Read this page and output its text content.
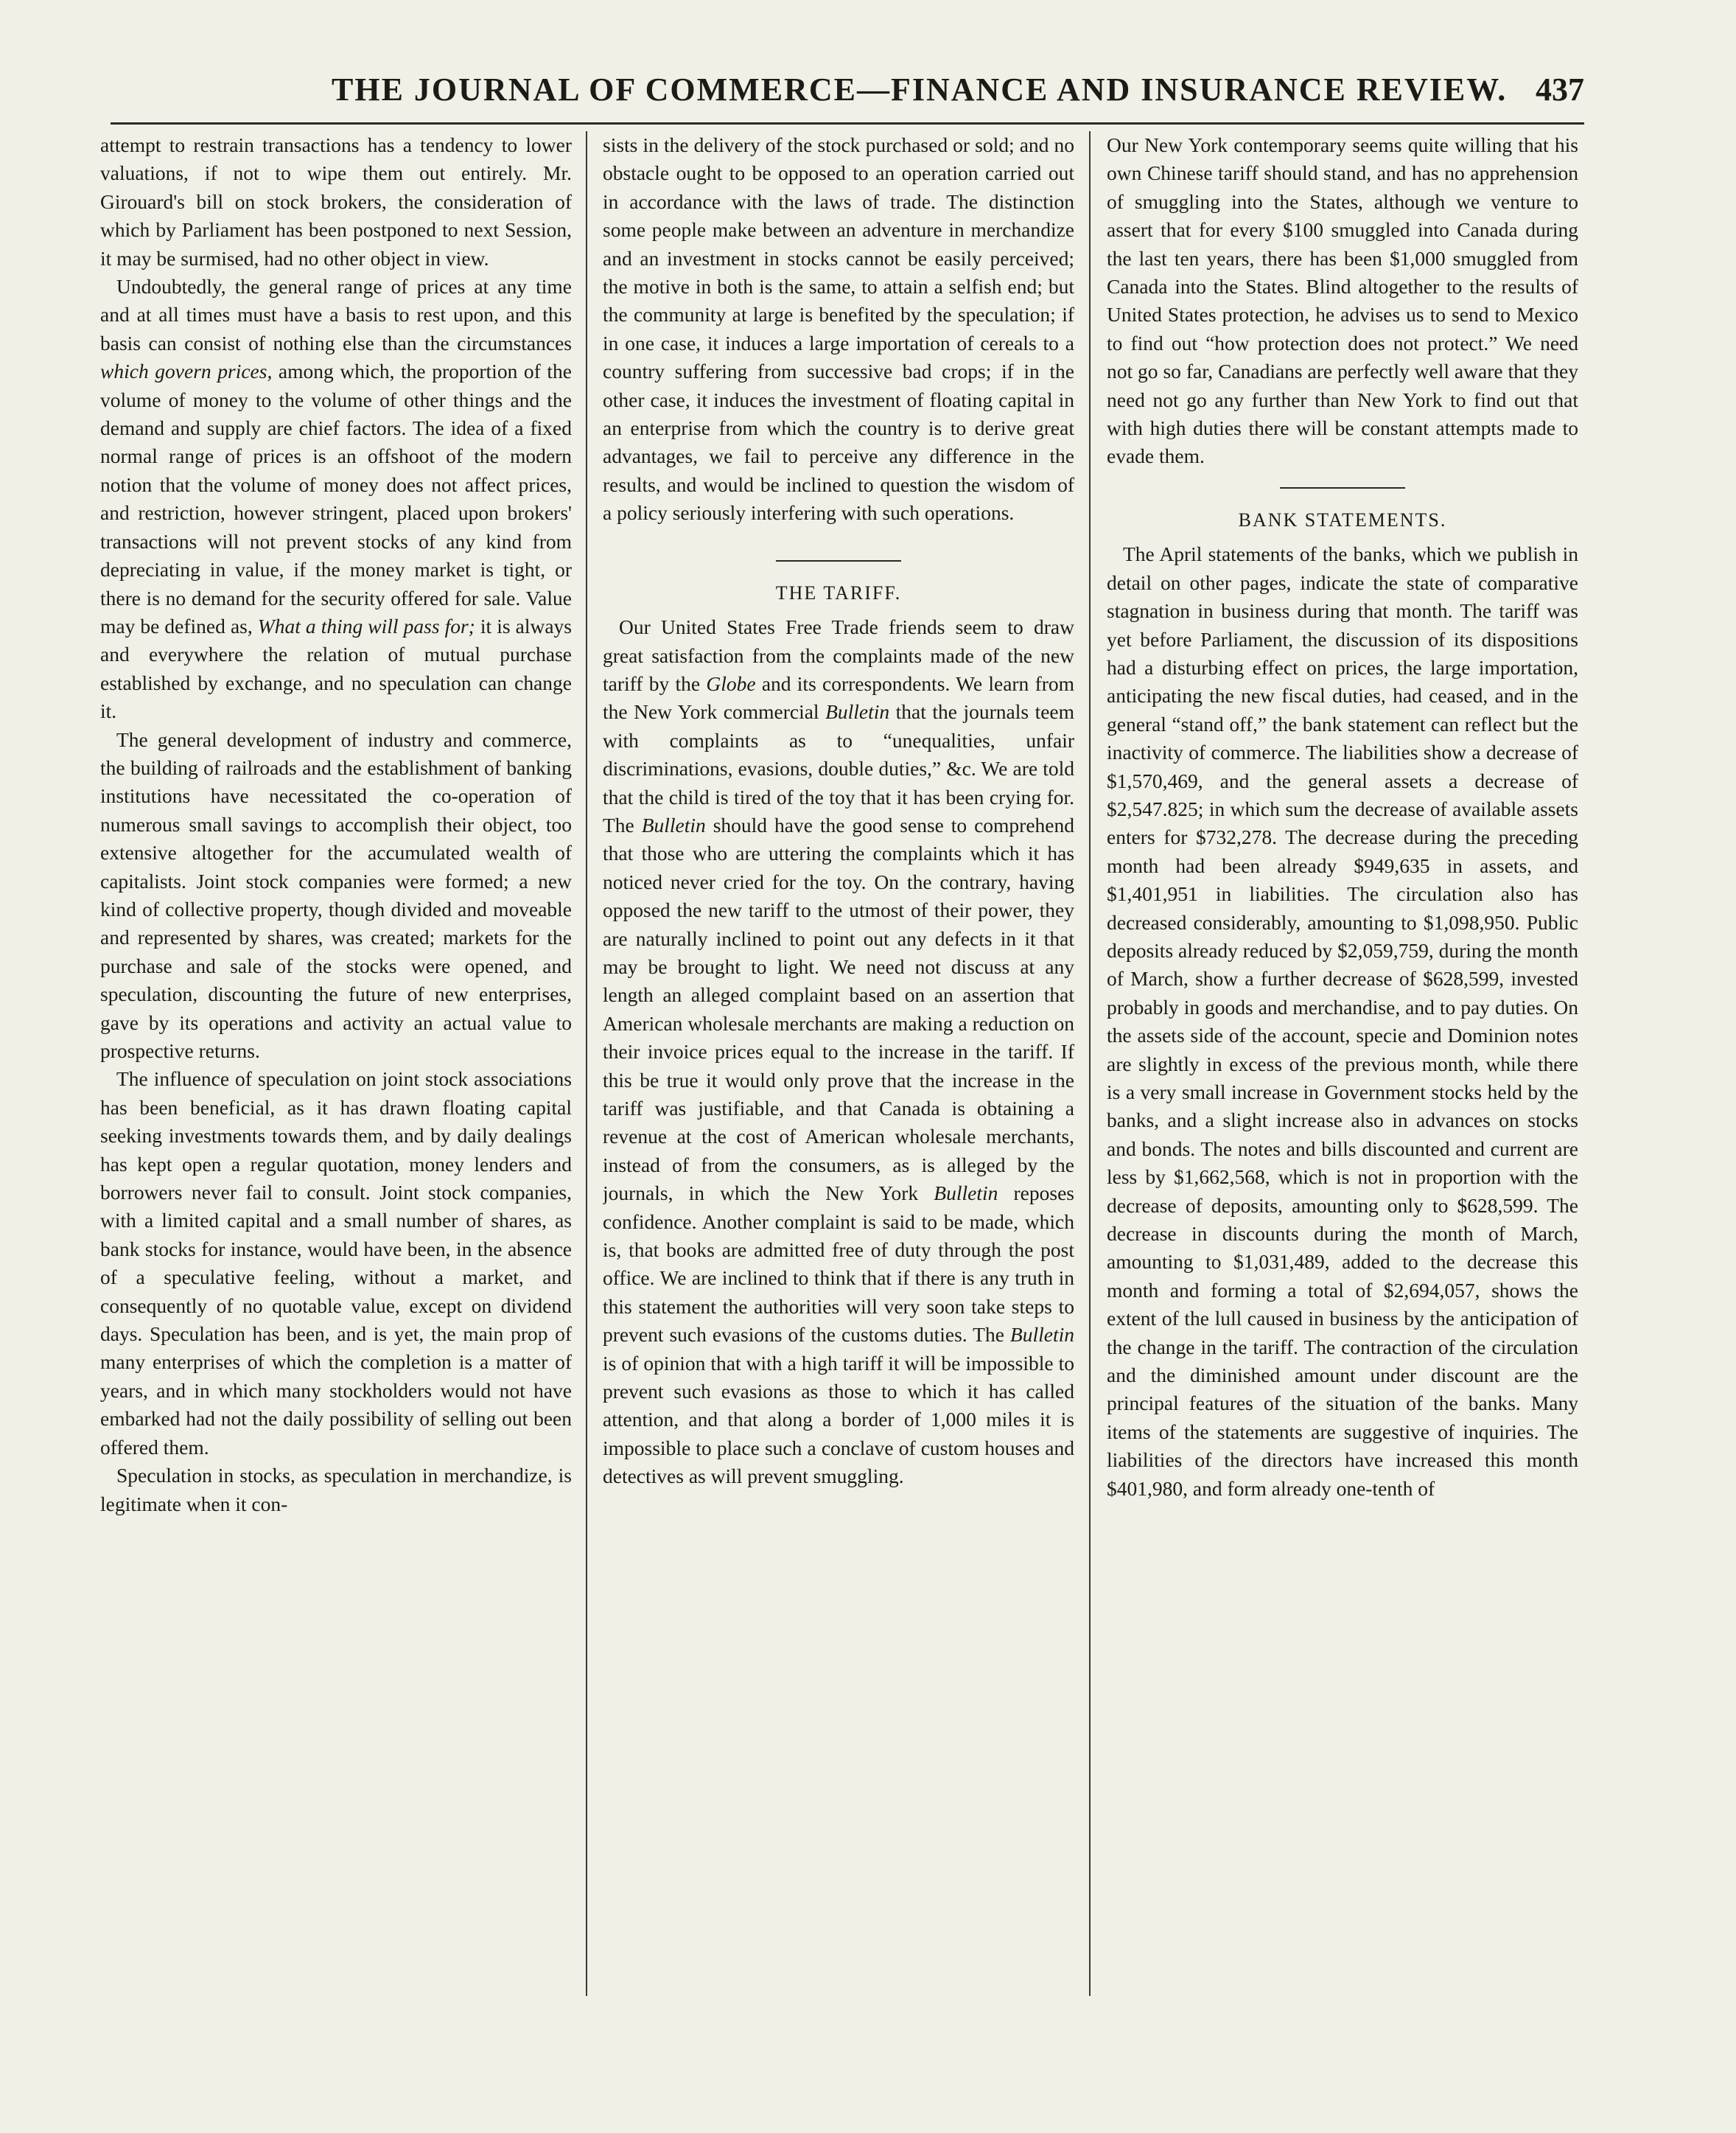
THE JOURNAL OF COMMERCE—FINANCE AND INSURANCE REVIEW. 437

attempt to restrain transactions has a tendency to lower valuations, if not to wipe them out entirely. Mr. Girouard's bill on stock brokers, the consideration of which by Parliament has been postponed to next Session, it may be surmised, had no other object in view.

Undoubtedly, the general range of prices at any time and at all times must have a basis to rest upon, and this basis can consist of nothing else than the circumstances which govern prices, among which, the proportion of the volume of money to the volume of other things and the demand and supply are chief factors. The idea of a fixed normal range of prices is an offshoot of the modern notion that the volume of money does not affect prices, and restriction, however stringent, placed upon brokers' transactions will not prevent stocks of any kind from depreciating in value, if the money market is tight, or there is no demand for the security offered for sale. Value may be defined as, What a thing will pass for; it is always and everywhere the relation of mutual purchase established by exchange, and no speculation can change it.

The general development of industry and commerce, the building of railroads and the establishment of banking institutions have necessitated the co-operation of numerous small savings to accomplish their object, too extensive altogether for the accumulated wealth of capitalists. Joint stock companies were formed; a new kind of collective property, though divided and moveable and represented by shares, was created; markets for the purchase and sale of the stocks were opened, and speculation, discounting the future of new enterprises, gave by its operations and activity an actual value to prospective returns.

The influence of speculation on joint stock associations has been beneficial, as it has drawn floating capital seeking investments towards them, and by daily dealings has kept open a regular quotation, money lenders and borrowers never fail to consult. Joint stock companies, with a limited capital and a small number of shares, as bank stocks for instance, would have been, in the absence of a speculative feeling, without a market, and consequently of no quotable value, except on dividend days. Speculation has been, and is yet, the main prop of many enterprises of which the completion is a matter of years, and in which many stockholders would not have embarked had not the daily possibility of selling out been offered them.

Speculation in stocks, as speculation in merchandize, is legitimate when it con-

sists in the delivery of the stock purchased or sold; and no obstacle ought to be opposed to an operation carried out in accordance with the laws of trade. The distinction some people make between an adventure in merchandize and an investment in stocks cannot be easily perceived; the motive in both is the same, to attain a selfish end; but the community at large is benefited by the speculation; if in one case, it induces a large importation of cereals to a country suffering from successive bad crops; if in the other case, it induces the investment of floating capital in an enterprise from which the country is to derive great advantages, we fail to perceive any difference in the results, and would be inclined to question the wisdom of a policy seriously interfering with such operations.

THE TARIFF.

Our United States Free Trade friends seem to draw great satisfaction from the complaints made of the new tariff by the Globe and its correspondents. We learn from the New York commercial Bulletin that the journals teem with complaints as to “unequalities, unfair discriminations, evasions, double duties,” &c. We are told that the child is tired of the toy that it has been crying for. The Bulletin should have the good sense to comprehend that those who are uttering the complaints which it has noticed never cried for the toy. On the contrary, having opposed the new tariff to the utmost of their power, they are naturally inclined to point out any defects in it that may be brought to light. We need not discuss at any length an alleged complaint based on an assertion that American wholesale merchants are making a reduction on their invoice prices equal to the increase in the tariff. If this be true it would only prove that the increase in the tariff was justifiable, and that Canada is obtaining a revenue at the cost of American wholesale merchants, instead of from the consumers, as is alleged by the journals, in which the New York Bulletin reposes confidence. Another complaint is said to be made, which is, that books are admitted free of duty through the post office. We are inclined to think that if there is any truth in this statement the authorities will very soon take steps to prevent such evasions of the customs duties. The Bulletin is of opinion that with a high tariff it will be impossible to prevent such evasions as those to which it has called attention, and that along a border of 1,000 miles it is impossible to place such a conclave of custom houses and detectives as will prevent smuggling.

Our New York contemporary seems quite willing that his own Chinese tariff should stand, and has no apprehension of smuggling into the States, although we venture to assert that for every $100 smuggled into Canada during the last ten years, there has been $1,000 smuggled from Canada into the States. Blind altogether to the results of United States protection, he advises us to send to Mexico to find out “how protection does not protect.” We need not go so far, Canadians are perfectly well aware that they need not go any further than New York to find out that with high duties there will be constant attempts made to evade them.

BANK STATEMENTS.

The April statements of the banks, which we publish in detail on other pages, indicate the state of comparative stagnation in business during that month. The tariff was yet before Parliament, the discussion of its dispositions had a disturbing effect on prices, the large importation, anticipating the new fiscal duties, had ceased, and in the general “stand off,” the bank statement can reflect but the inactivity of commerce. The liabilities show a decrease of $1,570,469, and the general assets a decrease of $2,547.825; in which sum the decrease of available assets enters for $732,278. The decrease during the preceding month had been already $949,635 in assets, and $1,401,951 in liabilities. The circulation also has decreased considerably, amounting to $1,098,950. Public deposits already reduced by $2,059,759, during the month of March, show a further decrease of $628,599, invested probably in goods and merchandise, and to pay duties. On the assets side of the account, specie and Dominion notes are slightly in excess of the previous month, while there is a very small increase in Government stocks held by the banks, and a slight increase also in advances on stocks and bonds. The notes and bills discounted and current are less by $1,662,568, which is not in proportion with the decrease of deposits, amounting only to $628,599. The decrease in discounts during the month of March, amounting to $1,031,489, added to the decrease this month and forming a total of $2,694,057, shows the extent of the lull caused in business by the anticipation of the change in the tariff. The contraction of the circulation and the diminished amount under discount are the principal features of the situation of the banks. Many items of the statements are suggestive of inquiries. The liabilities of the directors have increased this month $401,980, and form already one-tenth of
